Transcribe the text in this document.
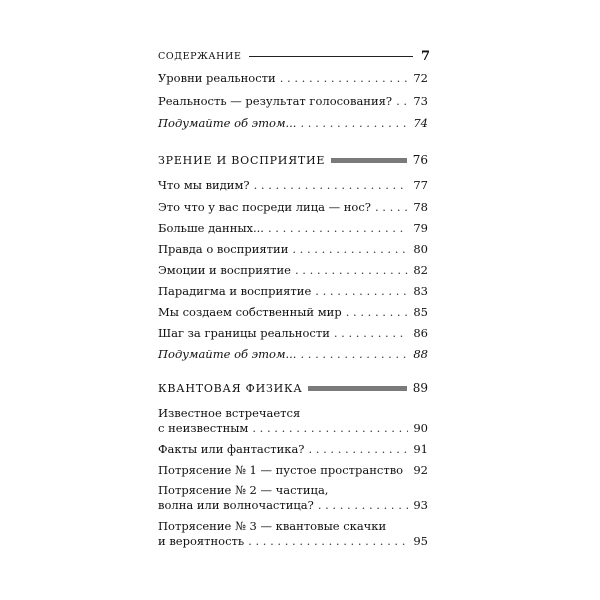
СОДЕРЖАНИЕ	7
Уровни реальности . . .	72
Реальность — результат голосования? . . . 73
Подумайте об этом... . . .	74
ЗРЕНИЕ И ВОСПРИЯТИЕ	76
Что мы видим? . . .	77
Это что у вас посреди лица — нос? . . .	78
Больше данных... . . .	79
Правда о восприятии . . .	80
Эмоции и восприятие . . .	82
Парадигма и восприятие . . .	83
Мы создаем собственный мир . . .	85
Шаг за границы реальности . . .	86
Подумайте об этом... . . .	88
КВАНТОВАЯ ФИЗИКА	89
Известное встречается
с неизвестным . . .	90
Факты или фантастика? . . .	91
Потрясение № 1 — пустое пространство . . . 92
Потрясение № 2 — частица,
волна или волночастица? . . .	93
Потрясение № 3 — квантовые скачки
и вероятность . . .	95
